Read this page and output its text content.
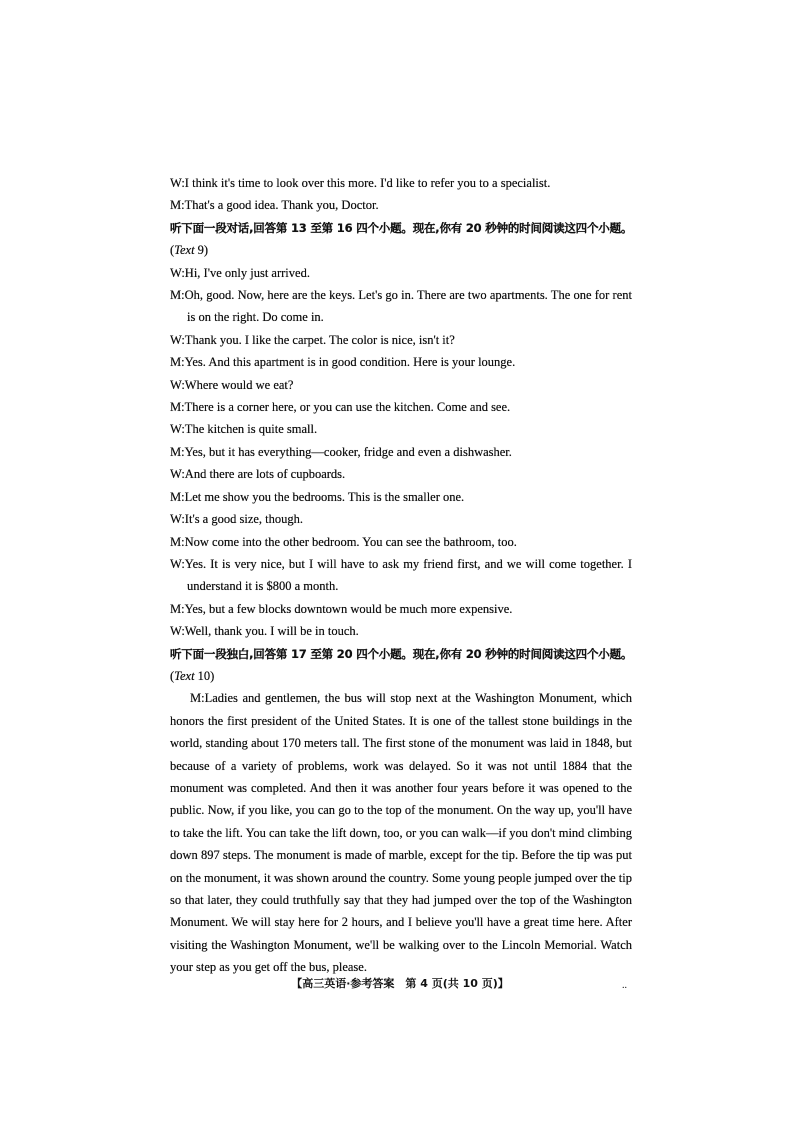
W:I think it's time to look over this more. I'd like to refer you to a specialist.
M:That's a good idea. Thank you, Doctor.
听下面一段对话,回答第 13 至第 16 四个小题。现在,你有 20 秒钟的时间阅读这四个小题。
(Text 9)
W:Hi, I've only just arrived.
M:Oh, good. Now, here are the keys. Let's go in. There are two apartments. The one for rent is on the right. Do come in.
W:Thank you. I like the carpet. The color is nice, isn't it?
M:Yes. And this apartment is in good condition. Here is your lounge.
W:Where would we eat?
M:There is a corner here, or you can use the kitchen. Come and see.
W:The kitchen is quite small.
M:Yes, but it has everything—cooker, fridge and even a dishwasher.
W:And there are lots of cupboards.
M:Let me show you the bedrooms. This is the smaller one.
W:It's a good size, though.
M:Now come into the other bedroom. You can see the bathroom, too.
W:Yes. It is very nice, but I will have to ask my friend first, and we will come together. I understand it is $800 a month.
M:Yes, but a few blocks downtown would be much more expensive.
W:Well, thank you. I will be in touch.
听下面一段独白,回答第 17 至第 20 四个小题。现在,你有 20 秒钟的时间阅读这四个小题。
(Text 10)
M:Ladies and gentlemen, the bus will stop next at the Washington Monument, which honors the first president of the United States. It is one of the tallest stone buildings in the world, standing about 170 meters tall. The first stone of the monument was laid in 1848, but because of a variety of problems, work was delayed. So it was not until 1884 that the monument was completed. And then it was another four years before it was opened to the public. Now, if you like, you can go to the top of the monument. On the way up, you'll have to take the lift. You can take the lift down, too, or you can walk—if you don't mind climbing down 897 steps. The monument is made of marble, except for the tip. Before the tip was put on the monument, it was shown around the country. Some young people jumped over the tip so that later, they could truthfully say that they had jumped over the top of the Washington Monument. We will stay here for 2 hours, and I believe you'll have a great time here. After visiting the Washington Monument, we'll be walking over to the Lincoln Memorial. Watch your step as you get off the bus, please.
【高三英语·参考答案　第 4 页(共 10 页)】	..
